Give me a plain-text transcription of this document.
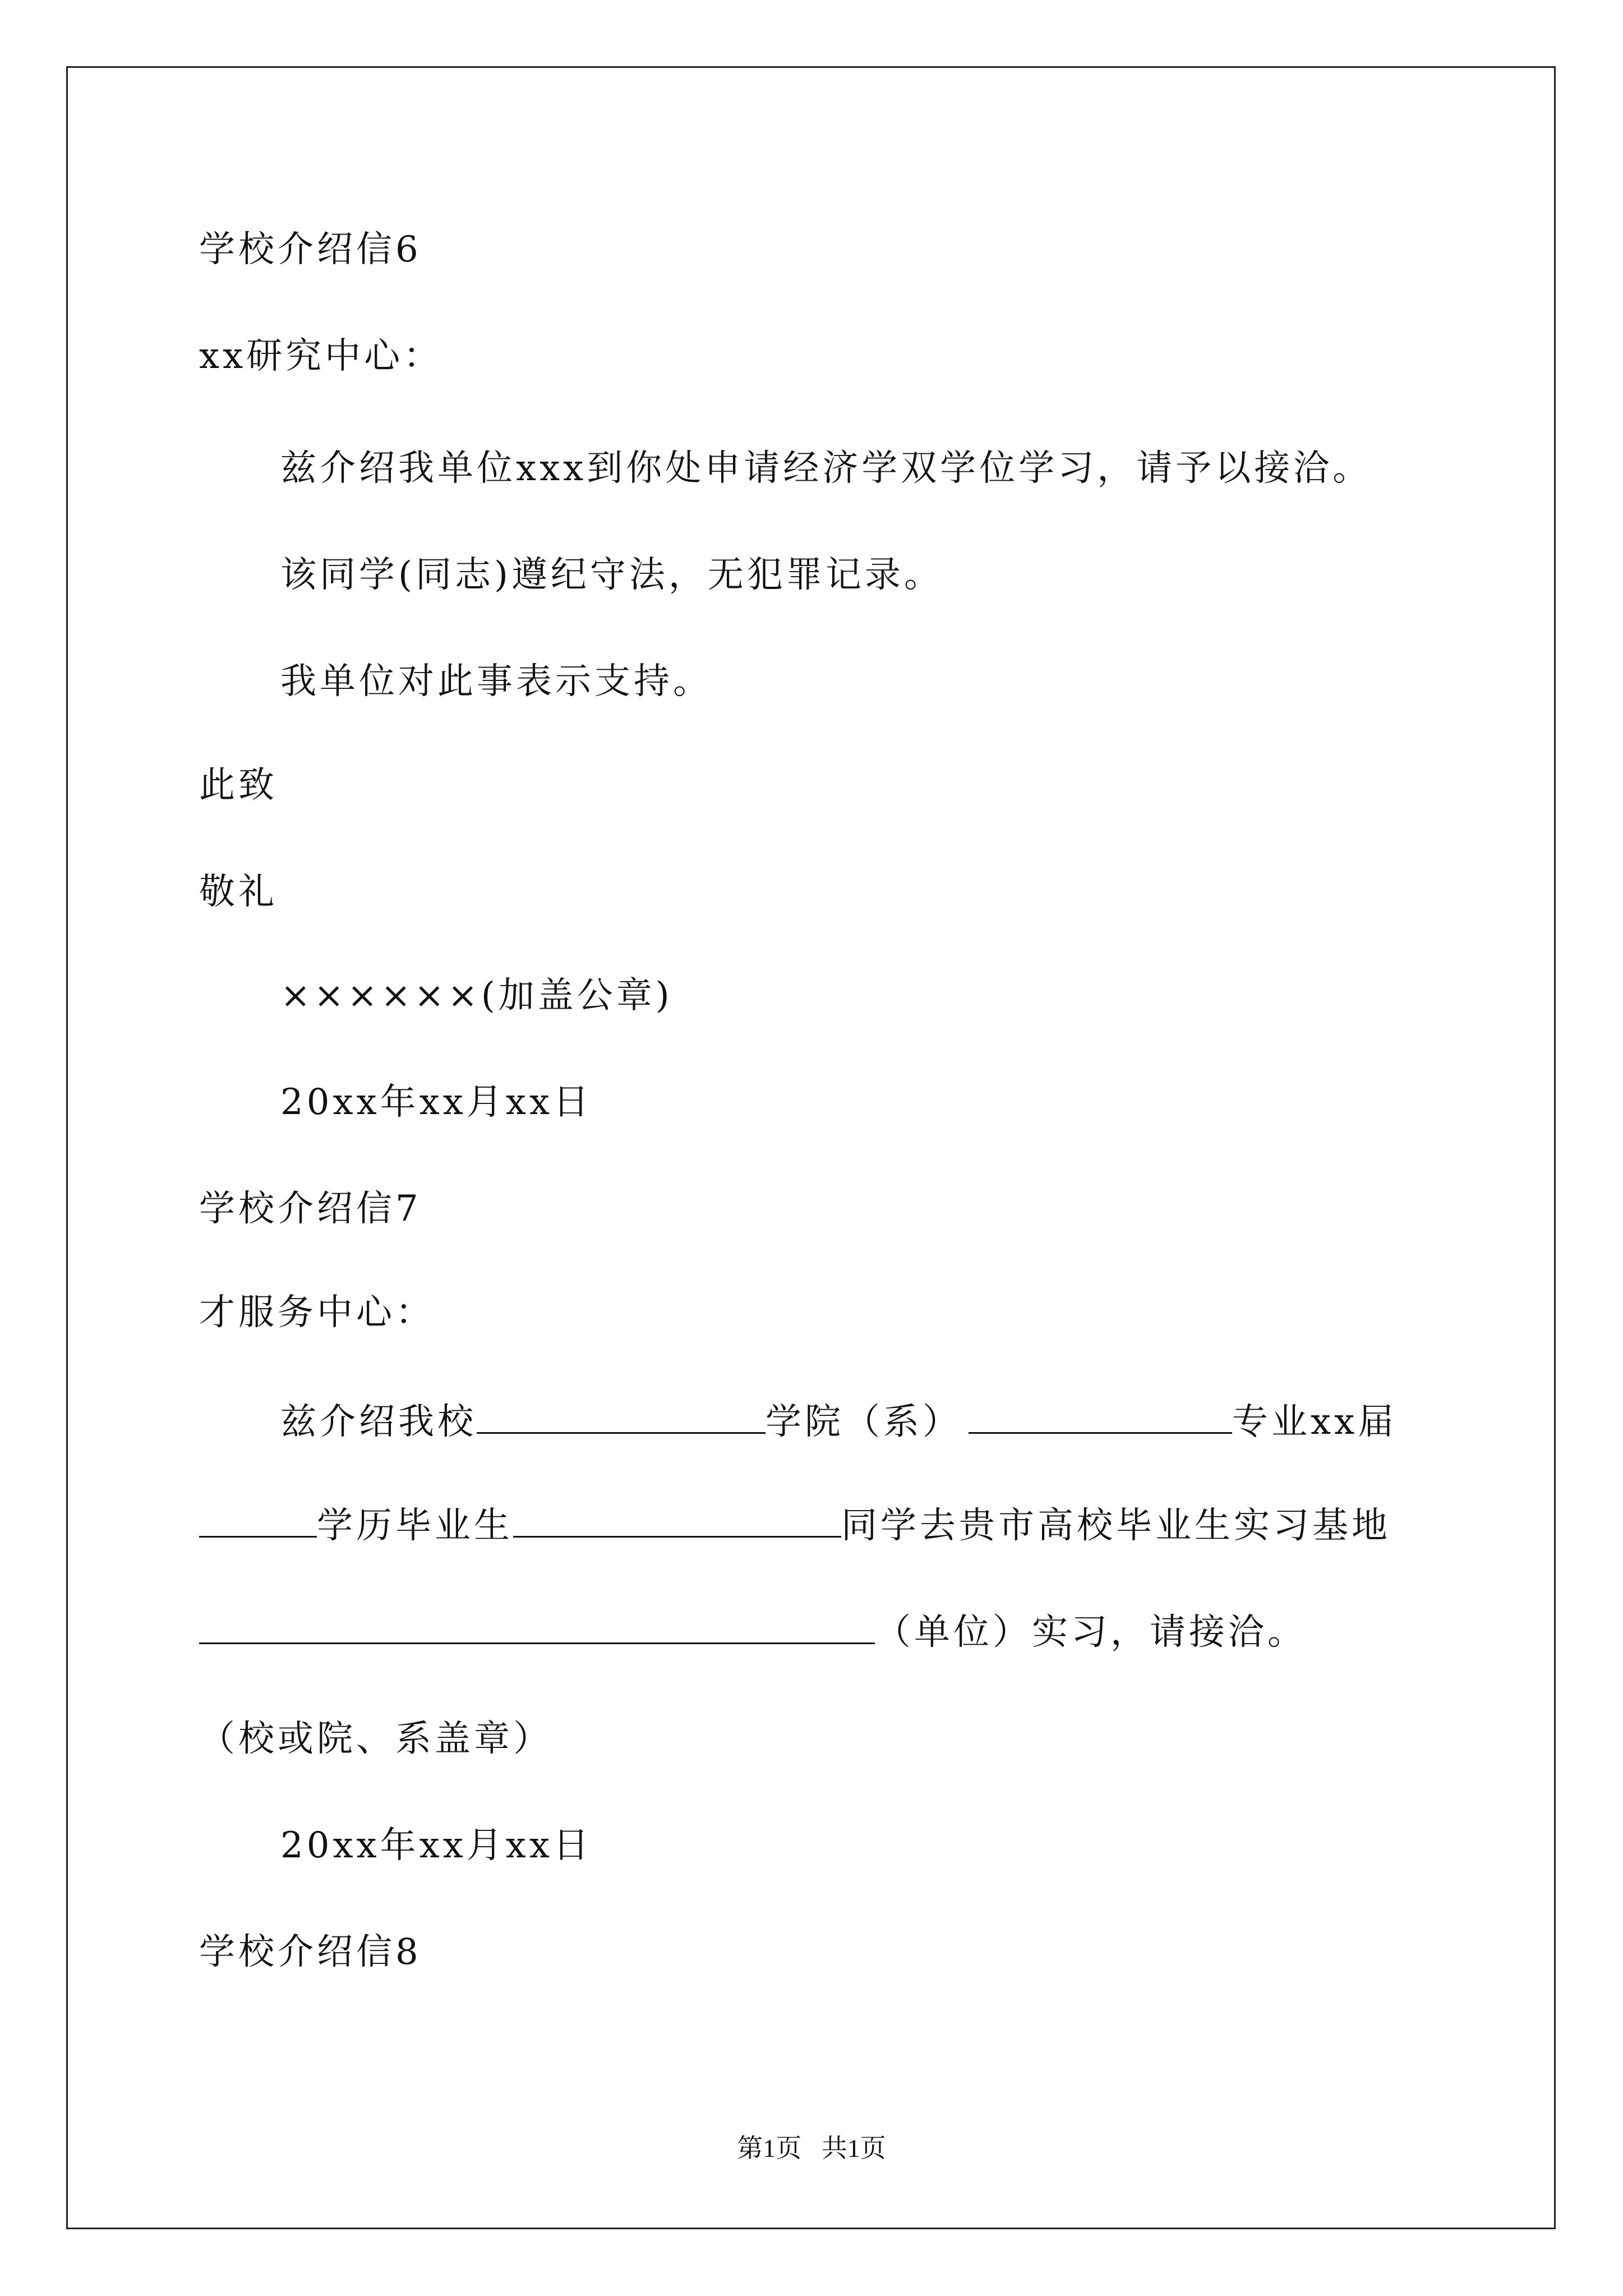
学校介绍信6
xx研究中心：
兹介绍我单位xxx到你处申请经济学双学位学习，请予以接洽。
该同学(同志)遵纪守法，无犯罪记录。
我单位对此事表示支持。
此致
敬礼
××××××(加盖公章)
20xx年xx月xx日
学校介绍信7
才服务中心：
兹介绍我校	学院（系）	专业xx届
学历毕业生	同学去贵市高校毕业生实习基地
（单位）实习，请接洽。
（校或院、系盖章）
20xx年xx月xx日
学校介绍信8
第1页 共1页
